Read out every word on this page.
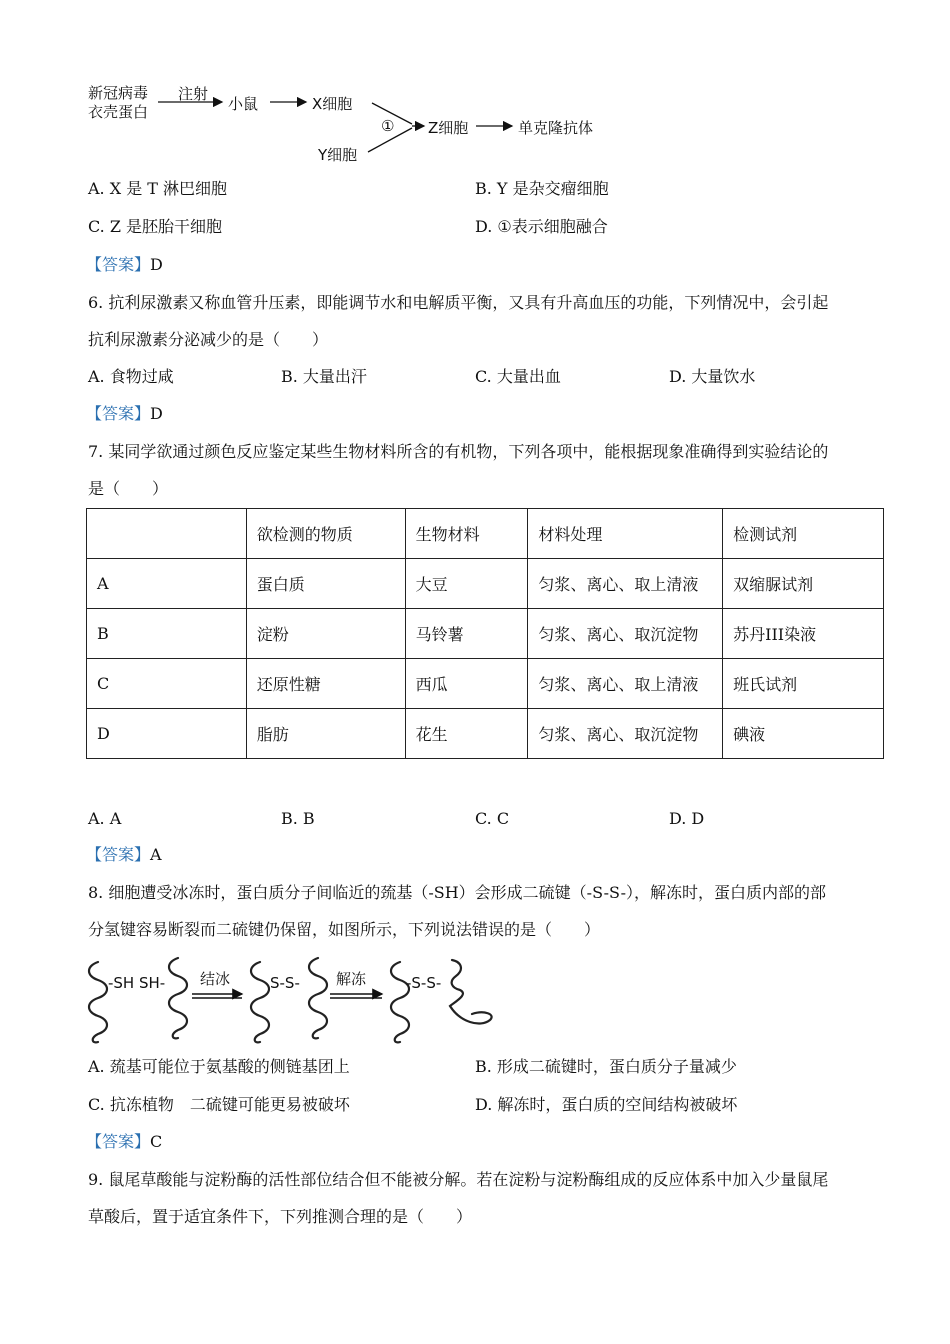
新冠病毒
衣壳蛋白
注射
小鼠	X细胞
① Z细胞	单克隆抗体
Y细胞
A. X 是 T 淋巴细胞	B. Y 是杂交瘤细胞
C. Z 是胚胎干细胞	D. ①表示细胞融合
【答案】D
6. 抗利尿激素又称血管升压素，即能调节水和电解质平衡，又具有升高血压的功能，下列情况中，会引起
抗利尿激素分泌减少的是（　　）
A. 食物过咸	B. 大量出汗	C. 大量出血	D. 大量饮水
【答案】D
7. 某同学欲通过颜色反应鉴定某些生物材料所含的有机物，下列各项中，能根据现象准确得到实验结论的
是（　　）
	欲检测的物质	生物材料	材料处理	检测试剂
A	蛋白质	大豆	匀浆、离心、取上清液	双缩脲试剂
B	淀粉	马铃薯	匀浆、离心、取沉淀物	苏丹III染液
C	还原性糖	西瓜	匀浆、离心、取上清液	班氏试剂
D	脂肪	花生	匀浆、离心、取沉淀物	碘液
A. A	B. B	C. C	D. D
【答案】A
8. 细胞遭受冰冻时，蛋白质分子间临近的巯基（-SH）会形成二硫键（-S-S-），解冻时，蛋白质内部的部
分氢键容易断裂而二硫键仍保留，如图所示，下列说法错误的是（　　）
-SH SH- 结冰	S-S- 解冻	-S-S-
A. 巯基可能位于氨基酸的侧链基团上	B. 形成二硫键时，蛋白质分子量减少
C. 抗冻植物　二硫键可能更易被破坏	D. 解冻时，蛋白质的空间结构被破坏
【答案】C
9. 鼠尾草酸能与淀粉酶的活性部位结合但不能被分解。若在淀粉与淀粉酶组成的反应体系中加入少量鼠尾
草酸后，置于适宜条件下，下列推测合理的是（　　）
